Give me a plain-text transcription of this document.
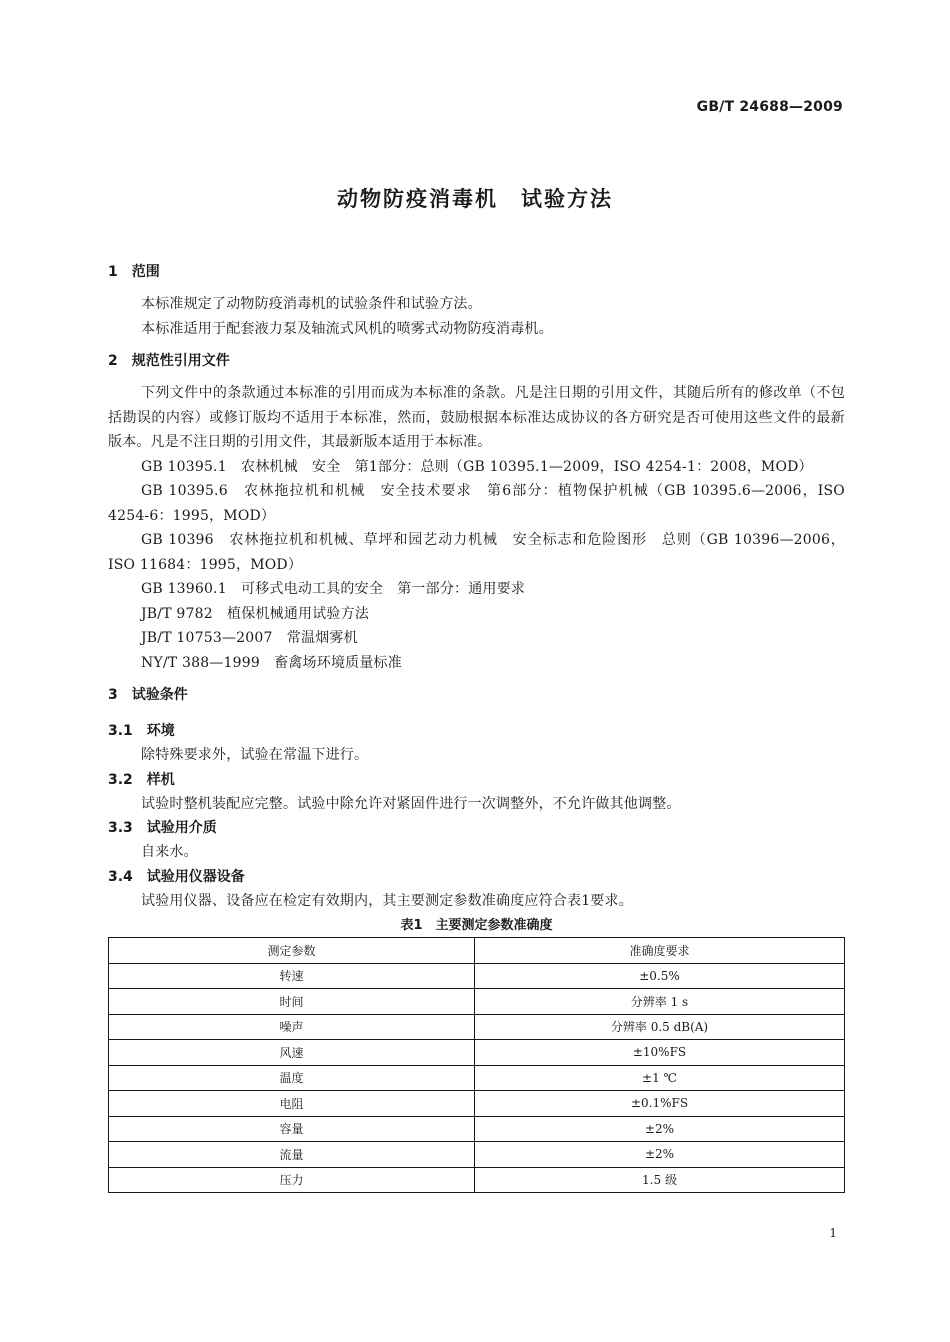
GB/T 24688—2009
动物防疫消毒机　试验方法
1　范围
本标准规定了动物防疫消毒机的试验条件和试验方法。
本标准适用于配套液力泵及轴流式风机的喷雾式动物防疫消毒机。
2　规范性引用文件
下列文件中的条款通过本标准的引用而成为本标准的条款。凡是注日期的引用文件，其随后所有的修改单（不包括勘误的内容）或修订版均不适用于本标准，然而，鼓励根据本标准达成协议的各方研究是否可使用这些文件的最新版本。凡是不注日期的引用文件，其最新版本适用于本标准。
GB 10395.1　农林机械　安全　第1部分：总则（GB 10395.1—2009，ISO 4254-1：2008，MOD）
GB 10395.6　农林拖拉机和机械　安全技术要求　第6部分：植物保护机械（GB 10395.6—2006，ISO 4254-6：1995，MOD）
GB 10396　农林拖拉机和机械、草坪和园艺动力机械　安全标志和危险图形　总则（GB 10396—2006，ISO 11684：1995，MOD）
GB 13960.1　可移式电动工具的安全　第一部分：通用要求
JB/T 9782　植保机械通用试验方法
JB/T 10753—2007　常温烟雾机
NY/T 388—1999　畜禽场环境质量标准
3　试验条件
3.1　环境
除特殊要求外，试验在常温下进行。
3.2　样机
试验时整机装配应完整。试验中除允许对紧固件进行一次调整外，不允许做其他调整。
3.3　试验用介质
自来水。
3.4　试验用仪器设备
试验用仪器、设备应在检定有效期内，其主要测定参数准确度应符合表1要求。
表1　主要测定参数准确度
测定参数	准确度要求
转速	±0.5%
时间	分辨率 1 s
噪声	分辨率 0.5 dB(A)
风速	±10%FS
温度	±1 ℃
电阻	±0.1%FS
容量	±2%
流量	±2%
压力	1.5 级
1
